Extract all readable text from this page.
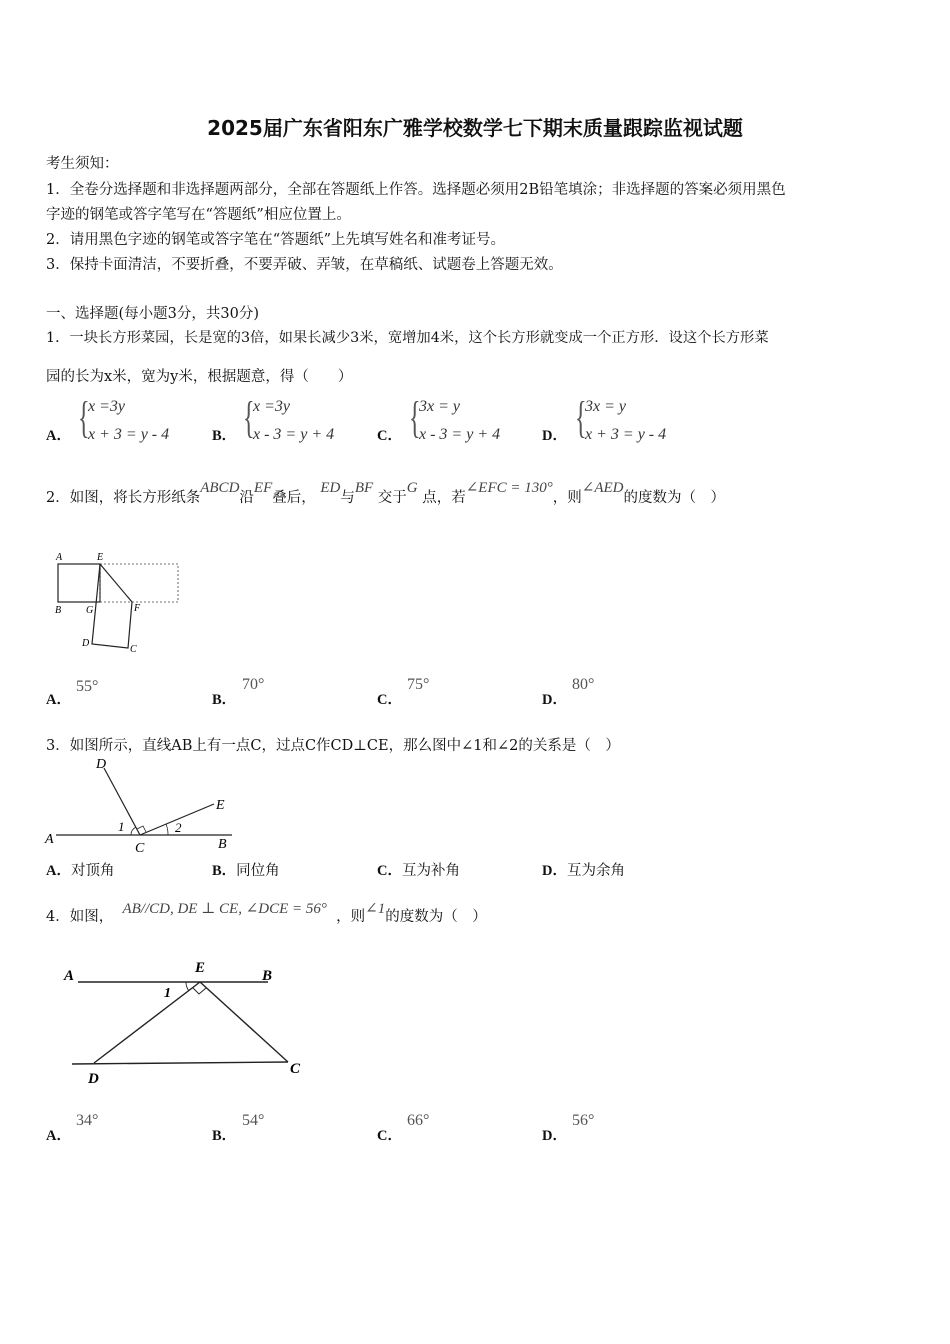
2025届广东省阳东广雅学校数学七下期末质量跟踪监视试题
考生须知：
1．全卷分选择题和非选择题两部分，全部在答题纸上作答。选择题必须用2B铅笔填涂；非选择题的答案必须用黑色
字迹的钢笔或答字笔写在“答题纸”相应位置上。
2．请用黑色字迹的钢笔或答字笔在“答题纸”上先填写姓名和准考证号。
3．保持卡面清洁，不要折叠，不要弄破、弄皱，在草稿纸、试题卷上答题无效。
一、选择题(每小题3分，共30分)
1．一块长方形菜园，长是宽的3倍，如果长减少3米，宽增加4米，这个长方形就变成一个正方形．设这个长方形菜
园的长为x米，宽为y米，根据题意，得（　　）
A． {
x =3y
x + 3 = y - 4	B． {
x =3y
x - 3 = y + 4	C． {
3x = y
x - 3 = y + 4	D． {
3x = y
x + 3 = y - 4
2．如图，将长方形纸条ABCD沿EF叠后， ED与BF 交于G 点，若∠EFC = 130°，则∠AED的度数为（　）
A	E
B G	F
D
C
A．
55°
B．
70°
C．
75°
D．
80°
3．如图所示，直线AB上有一点C，过点C作CD⊥CE，那么图中∠1和∠2的关系是（　）
D
E
A
C	B
1	2
A．对顶角	B．同位角	C．互为补角	D．互为余角
4．如图， AB//CD, DE ⊥ CE, ∠DCE = 56° ，则∠1的度数为（　）
A	E	B
1
D
C
A．
34°
B．
54°
C．
66°
D．
56°
